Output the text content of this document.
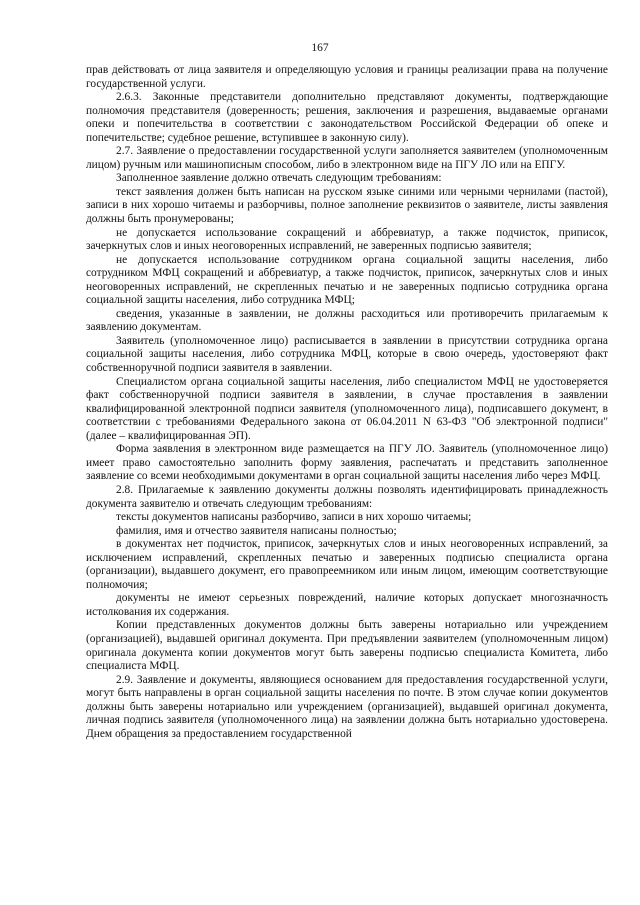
167

прав действовать от лица заявителя и определяющую условия и границы реализации права на получение государственной услуги.

2.6.3. Законные представители дополнительно представляют документы, подтверждающие полномочия представителя (доверенность; решения, заключения и разрешения, выдаваемые органами опеки и попечительства в соответствии с законодательством Российской Федерации об опеке и попечительстве; судебное решение, вступившее в законную силу).

2.7. Заявление о предоставлении государственной услуги заполняется заявителем (уполномоченным лицом) ручным или машинописным способом, либо в электронном виде на ПГУ ЛО или на ЕПГУ.

Заполненное заявление должно отвечать следующим требованиям:

текст заявления должен быть написан на русском языке синими или черными чернилами (пастой), записи в них хорошо читаемы и разборчивы, полное заполнение реквизитов о заявителе, листы заявления должны быть пронумерованы;

не допускается использование сокращений и аббревиатур, а также подчисток, приписок, зачеркнутых слов и иных неоговоренных исправлений, не заверенных подписью заявителя;

не допускается использование сотрудником органа социальной защиты населения, либо сотрудником МФЦ сокращений и аббревиатур, а также подчисток, приписок, зачеркнутых слов и иных неоговоренных исправлений, не скрепленных печатью и не заверенных подписью сотрудника органа социальной защиты населения, либо сотрудника МФЦ;

сведения, указанные в заявлении, не должны расходиться или противоречить прилагаемым к заявлению документам.

Заявитель (уполномоченное лицо) расписывается в заявлении в присутствии сотрудника органа социальной защиты населения, либо сотрудника МФЦ, которые в свою очередь, удостоверяют факт собственноручной подписи заявителя в заявлении.

Специалистом органа социальной защиты населения, либо специалистом МФЦ не удостоверяется факт собственноручной подписи заявителя в заявлении, в случае проставления в заявлении квалифицированной электронной подписи заявителя (уполномоченного лица), подписавшего документ, в соответствии с требованиями Федерального закона от 06.04.2011 N 63-ФЗ "Об электронной подписи" (далее – квалифицированная ЭП).

Форма заявления в электронном виде размещается на ПГУ ЛО. Заявитель (уполномоченное лицо) имеет право самостоятельно заполнить форму заявления, распечатать и представить заполненное заявление со всеми необходимыми документами в орган социальной защиты населения либо через МФЦ.

2.8. Прилагаемые к заявлению документы должны позволять идентифицировать принадлежность документа заявителю и отвечать следующим требованиям:

тексты документов написаны разборчиво, записи в них хорошо читаемы;

фамилия, имя и отчество заявителя написаны полностью;

в документах нет подчисток, приписок, зачеркнутых слов и иных неоговоренных исправлений, за исключением исправлений, скрепленных печатью и заверенных подписью специалиста органа (организации), выдавшего документ, его правопреемником или иным лицом, имеющим соответствующие полномочия;

документы не имеют серьезных повреждений, наличие которых допускает многозначность истолкования их содержания.

Копии представленных документов должны быть заверены нотариально или учреждением (организацией), выдавшей оригинал документа. При предъявлении заявителем (уполномоченным лицом) оригинала документа копии документов могут быть заверены подписью специалиста Комитета, либо специалиста МФЦ.

2.9. Заявление и документы, являющиеся основанием для предоставления государственной услуги, могут быть направлены в орган социальной защиты населения по почте. В этом случае копии документов должны быть заверены нотариально или учреждением (организацией), выдавшей оригинал документа, личная подпись заявителя (уполномоченного лица) на заявлении должна быть нотариально удостоверена. Днем обращения за предоставлением государственной
